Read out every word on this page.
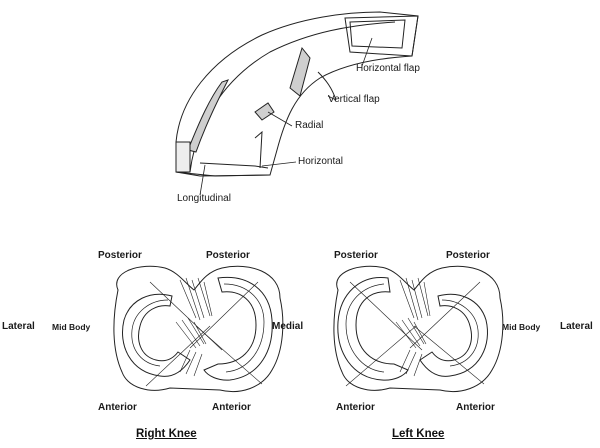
Horizontal flap
Vertical flap
Radial
Horizontal
Longitudinal
Posterior	Posterior
Lateral Mid Body	Medial
Anterior	Anterior
Right Knee
Posterior	Posterior
Mid Body Lateral
Anterior	Anterior
Left Knee
